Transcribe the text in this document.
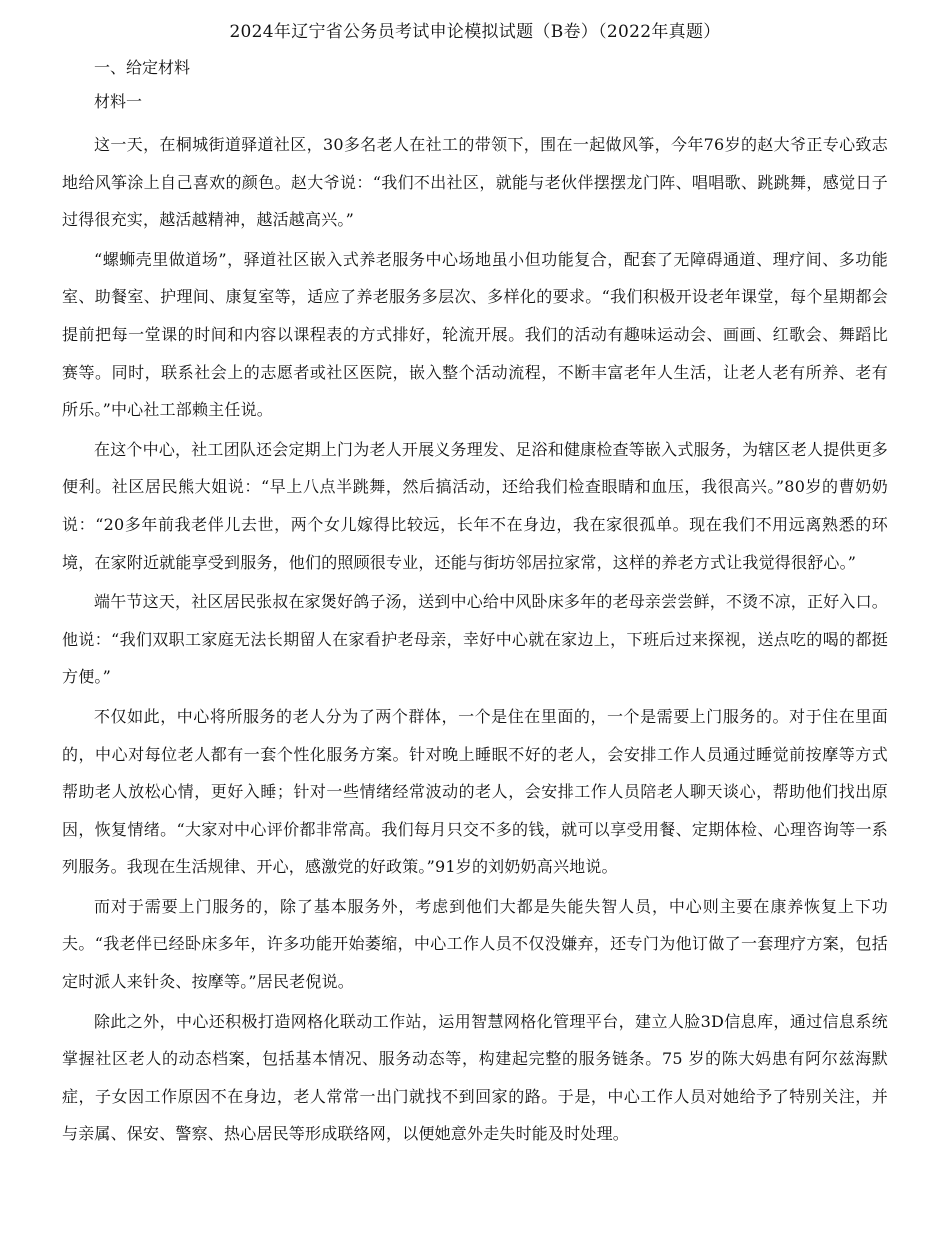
2024年辽宁省公务员考试申论模拟试题（B卷）（2022年真题）
一、给定材料
材料一

这一天，在桐城街道驿道社区，30多名老人在社工的带领下，围在一起做风筝，今年76岁的赵大爷正专心致志地给风筝涂上自己喜欢的颜色。赵大爷说：“我们不出社区，就能与老伙伴摆摆龙门阵、唱唱歌、跳跳舞，感觉日子过得很充实，越活越精神，越活越高兴。”

“螺蛳壳里做道场”，驿道社区嵌入式养老服务中心场地虽小但功能复合，配套了无障碍通道、理疗间、多功能室、助餐室、护理间、康复室等，适应了养老服务多层次、多样化的要求。“我们积极开设老年课堂，每个星期都会提前把每一堂课的时间和内容以课程表的方式排好，轮流开展。我们的活动有趣味运动会、画画、红歌会、舞蹈比赛等。同时，联系社会上的志愿者或社区医院，嵌入整个活动流程，不断丰富老年人生活，让老人老有所养、老有所乐。”中心社工部赖主任说。

在这个中心，社工团队还会定期上门为老人开展义务理发、足浴和健康检查等嵌入式服务，为辖区老人提供更多便利。社区居民熊大姐说：“早上八点半跳舞，然后搞活动，还给我们检查眼睛和血压，我很高兴。”80岁的曹奶奶说：“20多年前我老伴儿去世，两个女儿嫁得比较远，长年不在身边，我在家很孤单。现在我们不用远离熟悉的环境，在家附近就能享受到服务，他们的照顾很专业，还能与街坊邻居拉家常，这样的养老方式让我觉得很舒心。”

端午节这天，社区居民张叔在家煲好鸽子汤，送到中心给中风卧床多年的老母亲尝尝鲜，不烫不凉，正好入口。他说：“我们双职工家庭无法长期留人在家看护老母亲，幸好中心就在家边上，下班后过来探视，送点吃的喝的都挺方便。”

不仅如此，中心将所服务的老人分为了两个群体，一个是住在里面的，一个是需要上门服务的。对于住在里面的，中心对每位老人都有一套个性化服务方案。针对晚上睡眠不好的老人，会安排工作人员通过睡觉前按摩等方式帮助老人放松心情，更好入睡；针对一些情绪经常波动的老人，会安排工作人员陪老人聊天谈心，帮助他们找出原因，恢复情绪。“大家对中心评价都非常高。我们每月只交不多的钱，就可以享受用餐、定期体检、心理咨询等一系列服务。我现在生活规律、开心，感激党的好政策。”91岁的刘奶奶高兴地说。

而对于需要上门服务的，除了基本服务外，考虑到他们大都是失能失智人员，中心则主要在康养恢复上下功夫。“我老伴已经卧床多年，许多功能开始萎缩，中心工作人员不仅没嫌弃，还专门为他订做了一套理疗方案，包括定时派人来针灸、按摩等。”居民老倪说。

除此之外，中心还积极打造网格化联动工作站，运用智慧网格化管理平台，建立人脸3D信息库，通过信息系统掌握社区老人的动态档案，包括基本情况、服务动态等，构建起完整的服务链条。75 岁的陈大妈患有阿尔兹海默症，子女因工作原因不在身边，老人常常一出门就找不到回家的路。于是，中心工作人员对她给予了特别关注，并与亲属、保安、警察、热心居民等形成联络网，以便她意外走失时能及时处理。
